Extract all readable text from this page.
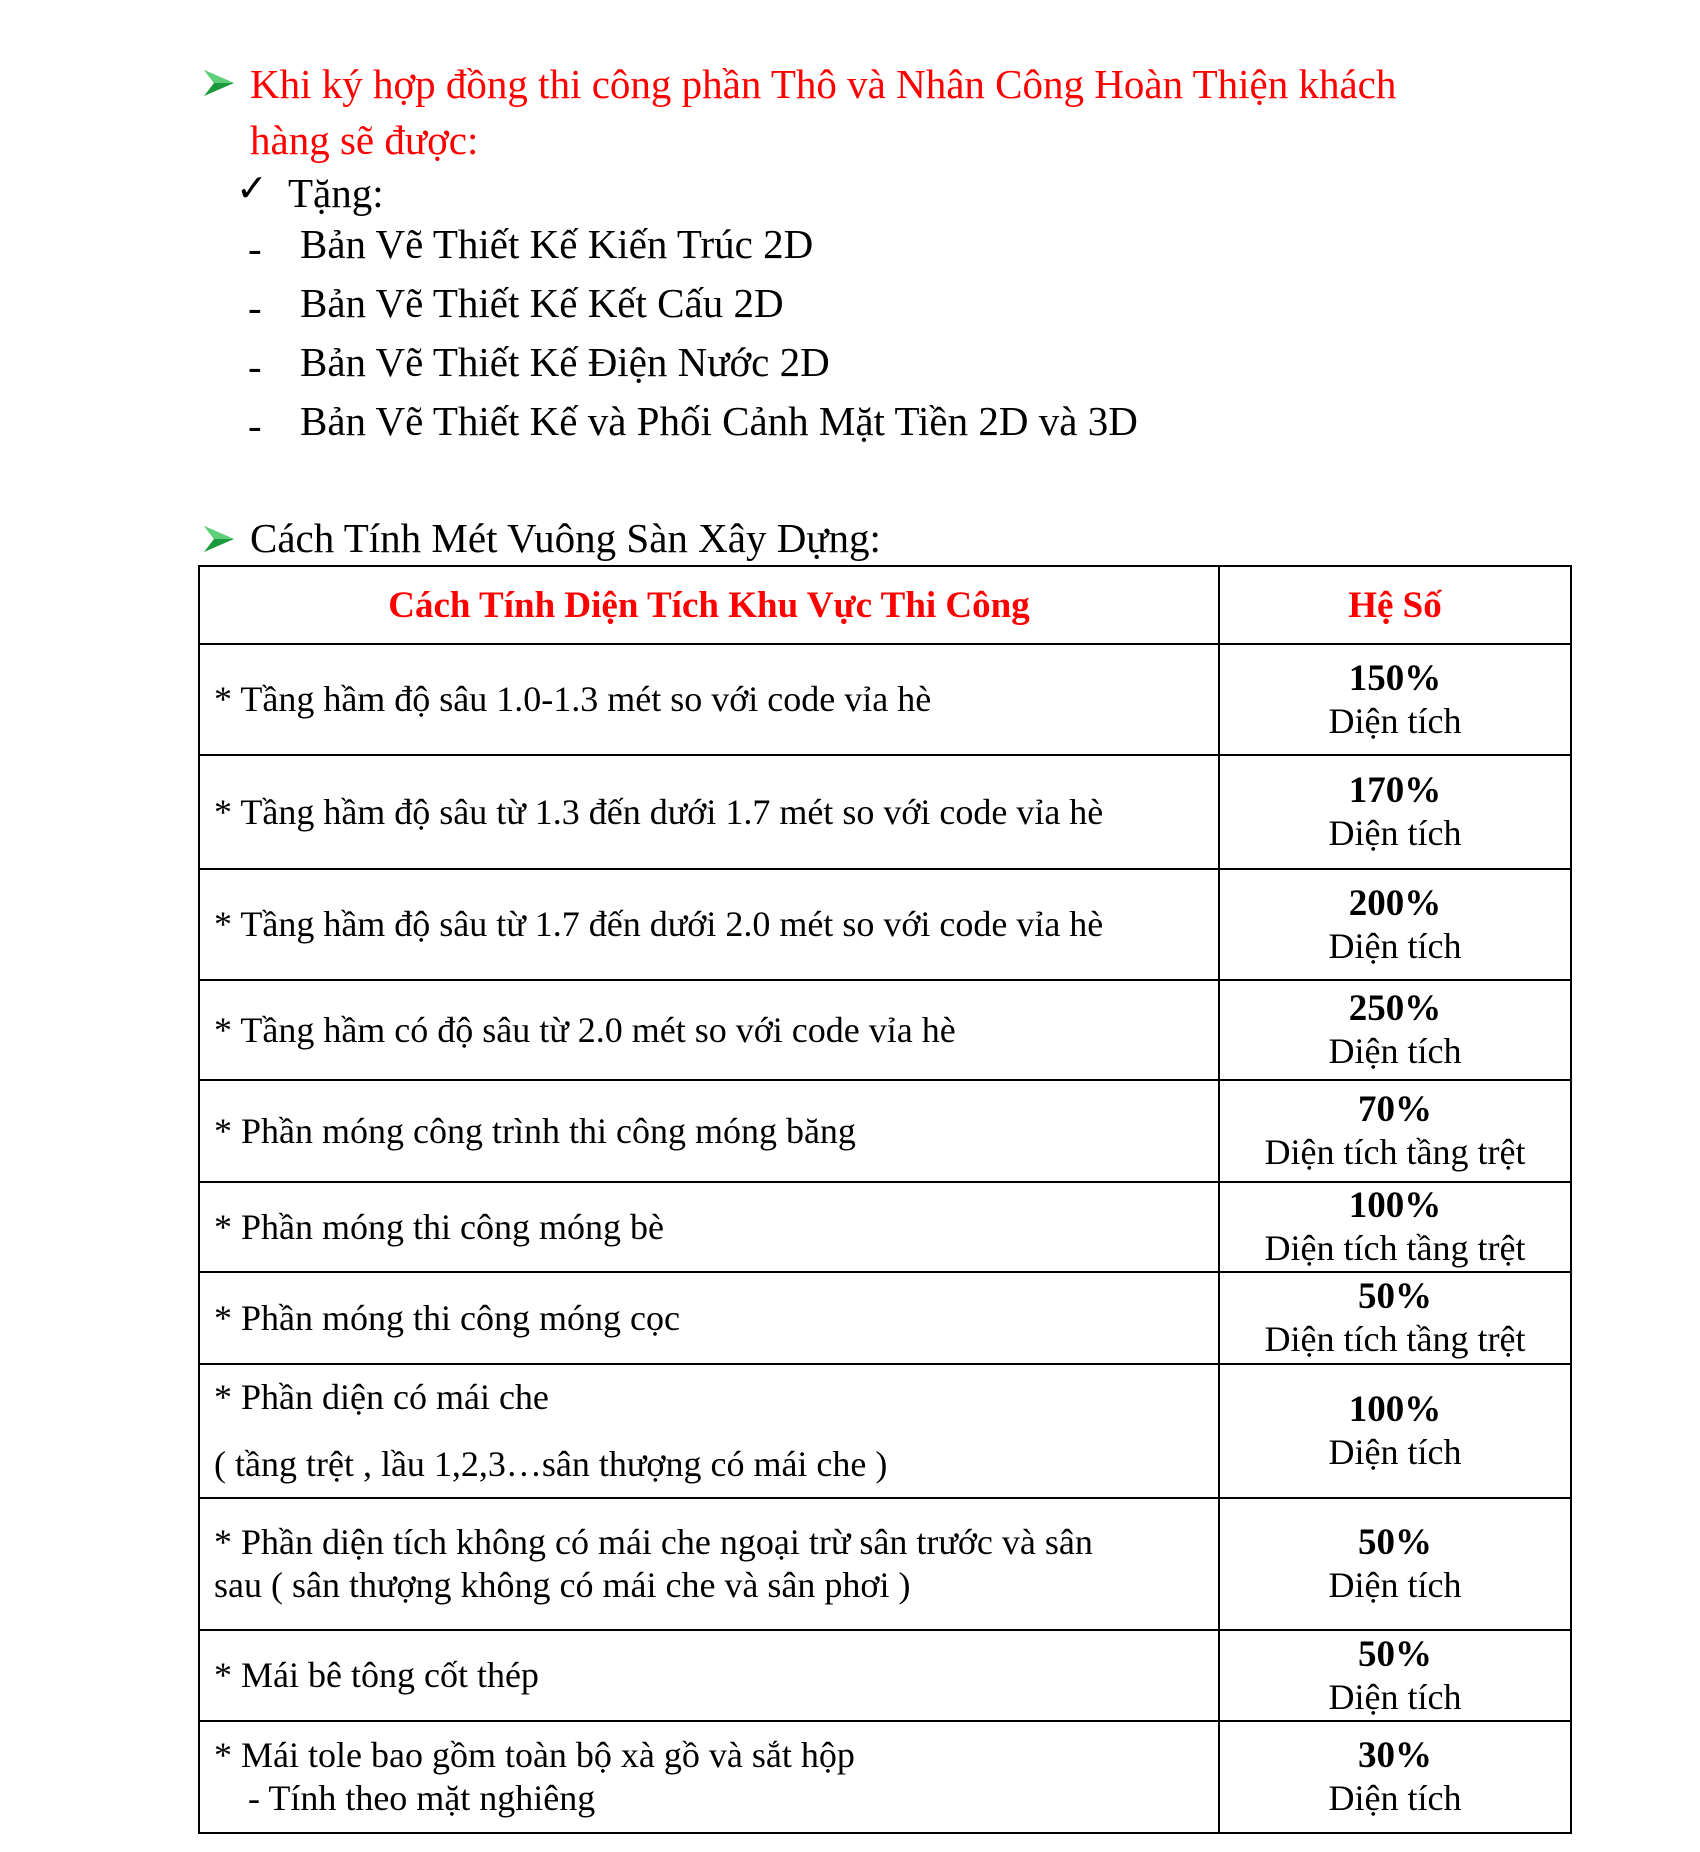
Khi ký hợp đồng thi công phần Thô và Nhân Công Hoàn Thiện khách
hàng sẽ được:
✓ Tặng:
- Bản Vẽ Thiết Kế Kiến Trúc 2D
- Bản Vẽ Thiết Kế Kết Cấu 2D
- Bản Vẽ Thiết Kế Điện Nước 2D
- Bản Vẽ Thiết Kế và Phối Cảnh Mặt Tiền 2D và 3D
Cách Tính Mét Vuông Sàn Xây Dựng:
Cách Tính Diện Tích Khu Vực Thi Công	Hệ Số
* Tầng hầm độ sâu 1.0-1.3 mét so với code vỉa hè	150%
Diện tích

* Tầng hầm độ sâu từ 1.3 đến dưới 1.7 mét so với code vỉa hè	170%
Diện tích

* Tầng hầm độ sâu từ 1.7 đến dưới 2.0 mét so với code vỉa hè	200%
Diện tích

* Tầng hầm có độ sâu từ 2.0 mét so với code vỉa hè	250%
Diện tích

* Phần móng công trình thi công móng băng	70%
Diện tích tầng trệt

* Phần móng thi công móng bè	100%
Diện tích tầng trệt

* Phần móng thi công móng cọc	50%
Diện tích tầng trệt

* Phần diện có mái che
( tầng trệt , lầu 1,2,3…sân thượng có mái che )	100%
Diện tích

* Phần diện tích không có mái che ngoại trừ sân trước và sân
sau ( sân thượng không có mái che và sân phơi )	50%
Diện tích

* Mái bê tông cốt thép	50%
Diện tích

* Mái tole bao gồm toàn bộ xà gồ và sắt hộp
- Tính theo mặt nghiêng	30%
Diện tích
